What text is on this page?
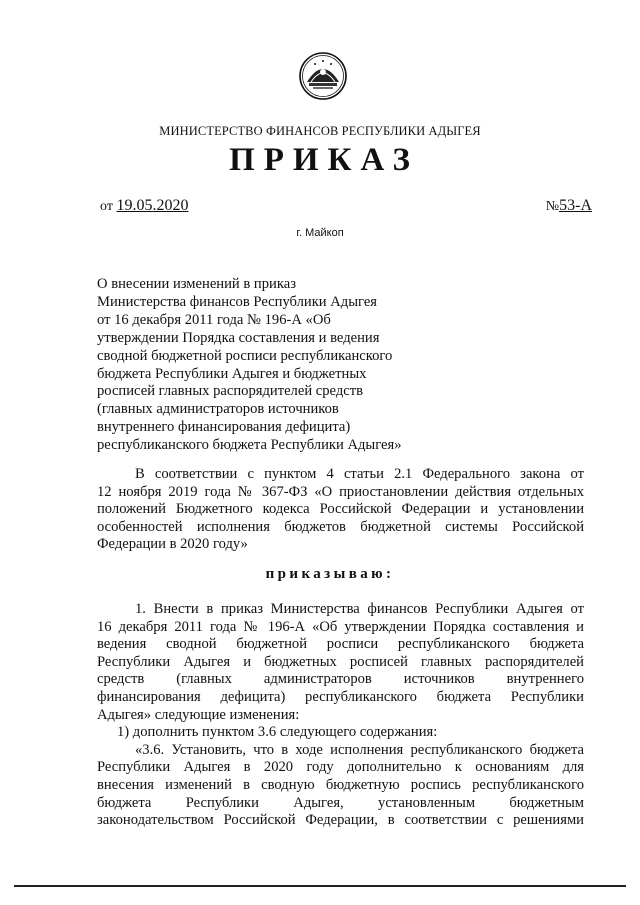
МИНИСТЕРСТВО ФИНАНСОВ РЕСПУБЛИКИ АДЫГЕЯ
ПРИКАЗ
от 19.05.2020	№53-А
г. Майкоп
О внесении изменений в приказ
Министерства финансов Республики Адыгея
от 16 декабря 2011 года № 196-А «Об
утверждении Порядка составления и ведения
сводной бюджетной росписи республиканского
бюджета Республики Адыгея и бюджетных
росписей главных распорядителей средств
(главных администраторов источников
внутреннего финансирования дефицита)
республиканского бюджета Республики Адыгея»
В соответствии с пунктом 4 статьи 2.1 Федерального закона от
12 ноября 2019 года № 367-ФЗ «О приостановлении действия отдельных
положений Бюджетного кодекса Российской Федерации и установлении
особенностей исполнения бюджетов бюджетной системы Российской
Федерации в 2020 году»
приказываю:
1. Внести в приказ Министерства финансов Республики Адыгея от
16 декабря 2011 года № 196-А «Об утверждении Порядка составления и
ведения сводной бюджетной росписи республиканского бюджета
Республики Адыгея и бюджетных росписей главных распорядителей
средств (главных администраторов источников внутреннего
финансирования дефицита) республиканского бюджета Республики
Адыгея» следующие изменения:
1) дополнить пунктом 3.6 следующего содержания:
«3.6. Установить, что в ходе исполнения республиканского бюджета
Республики Адыгея в 2020 году дополнительно к основаниям для
внесения изменений в сводную бюджетную роспись республиканского
бюджета Республики Адыгея, установленным бюджетным
законодательством Российской Федерации, в соответствии с решениями
